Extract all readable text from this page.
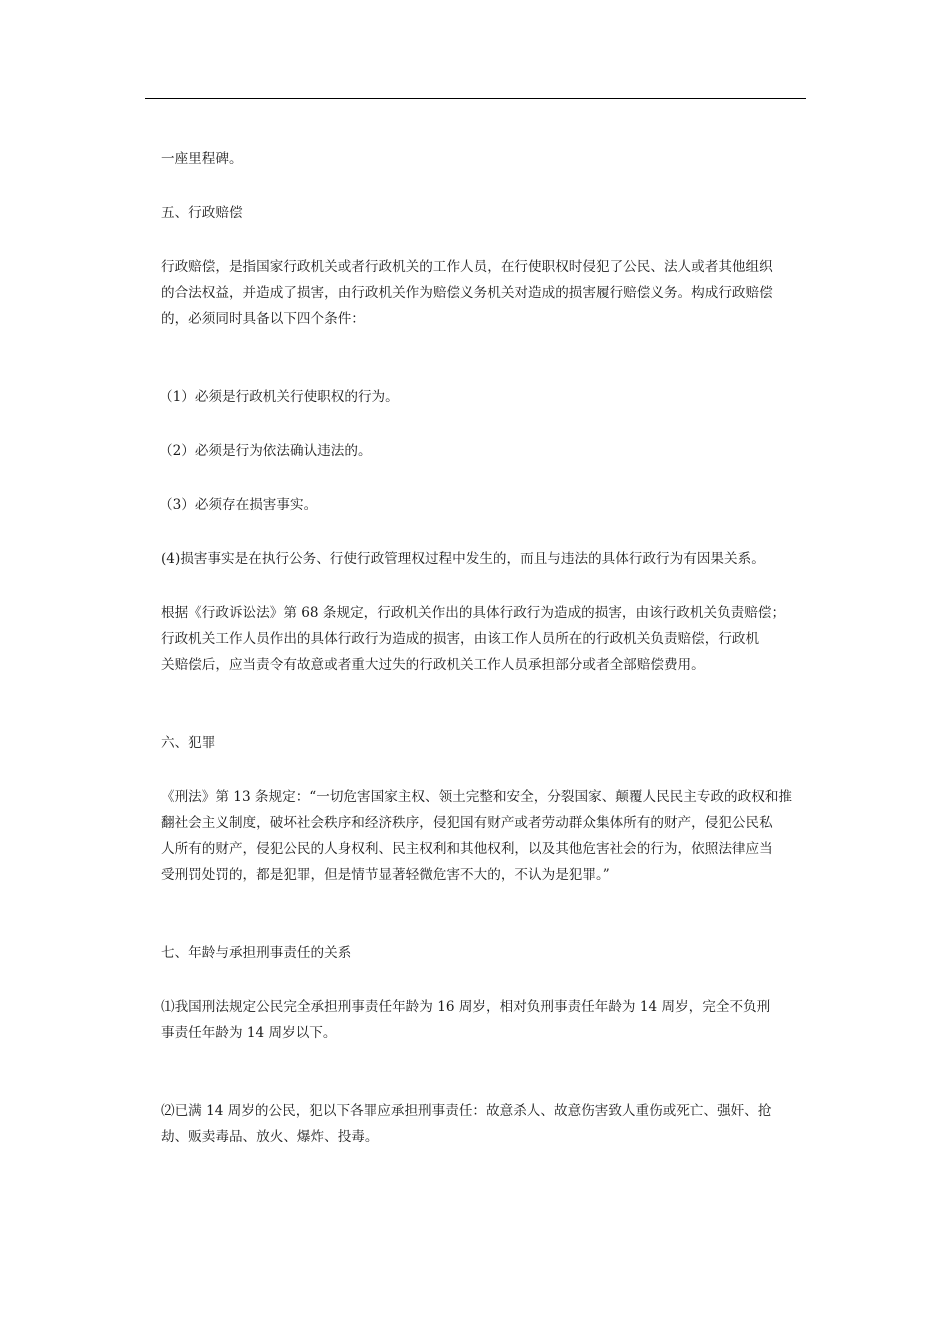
一座里程碑。

五、行政赔偿

行政赔偿，是指国家行政机关或者行政机关的工作人员，在行使职权时侵犯了公民、法人或者其他组织
的合法权益，并造成了损害，由行政机关作为赔偿义务机关对造成的损害履行赔偿义务。构成行政赔偿
的，必须同时具备以下四个条件：

（1）必须是行政机关行使职权的行为。

（2）必须是行为依法确认违法的。

（3）必须存在损害事实。

(4)损害事实是在执行公务、行使行政管理权过程中发生的，而且与违法的具体行政行为有因果关系。

根据《行政诉讼法》第 68 条规定，行政机关作出的具体行政行为造成的损害，由该行政机关负责赔偿；
行政机关工作人员作出的具体行政行为造成的损害，由该工作人员所在的行政机关负责赔偿，行政机
关赔偿后，应当责令有故意或者重大过失的行政机关工作人员承担部分或者全部赔偿费用。

六、犯罪

《刑法》第 13 条规定：“一切危害国家主权、领土完整和安全，分裂国家、颠覆人民民主专政的政权和推
翻社会主义制度，破坏社会秩序和经济秩序，侵犯国有财产或者劳动群众集体所有的财产，侵犯公民私
人所有的财产，侵犯公民的人身权利、民主权利和其他权利，以及其他危害社会的行为，依照法律应当
受刑罚处罚的，都是犯罪，但是情节显著轻微危害不大的，不认为是犯罪。”

七、年龄与承担刑事责任的关系

⑴我国刑法规定公民完全承担刑事责任年龄为 16 周岁，相对负刑事责任年龄为 14 周岁，完全不负刑
事责任年龄为 14 周岁以下。

⑵已满 14 周岁的公民，犯以下各罪应承担刑事责任：故意杀人、故意伤害致人重伤或死亡、强奸、抢
劫、贩卖毒品、放火、爆炸、投毒。
